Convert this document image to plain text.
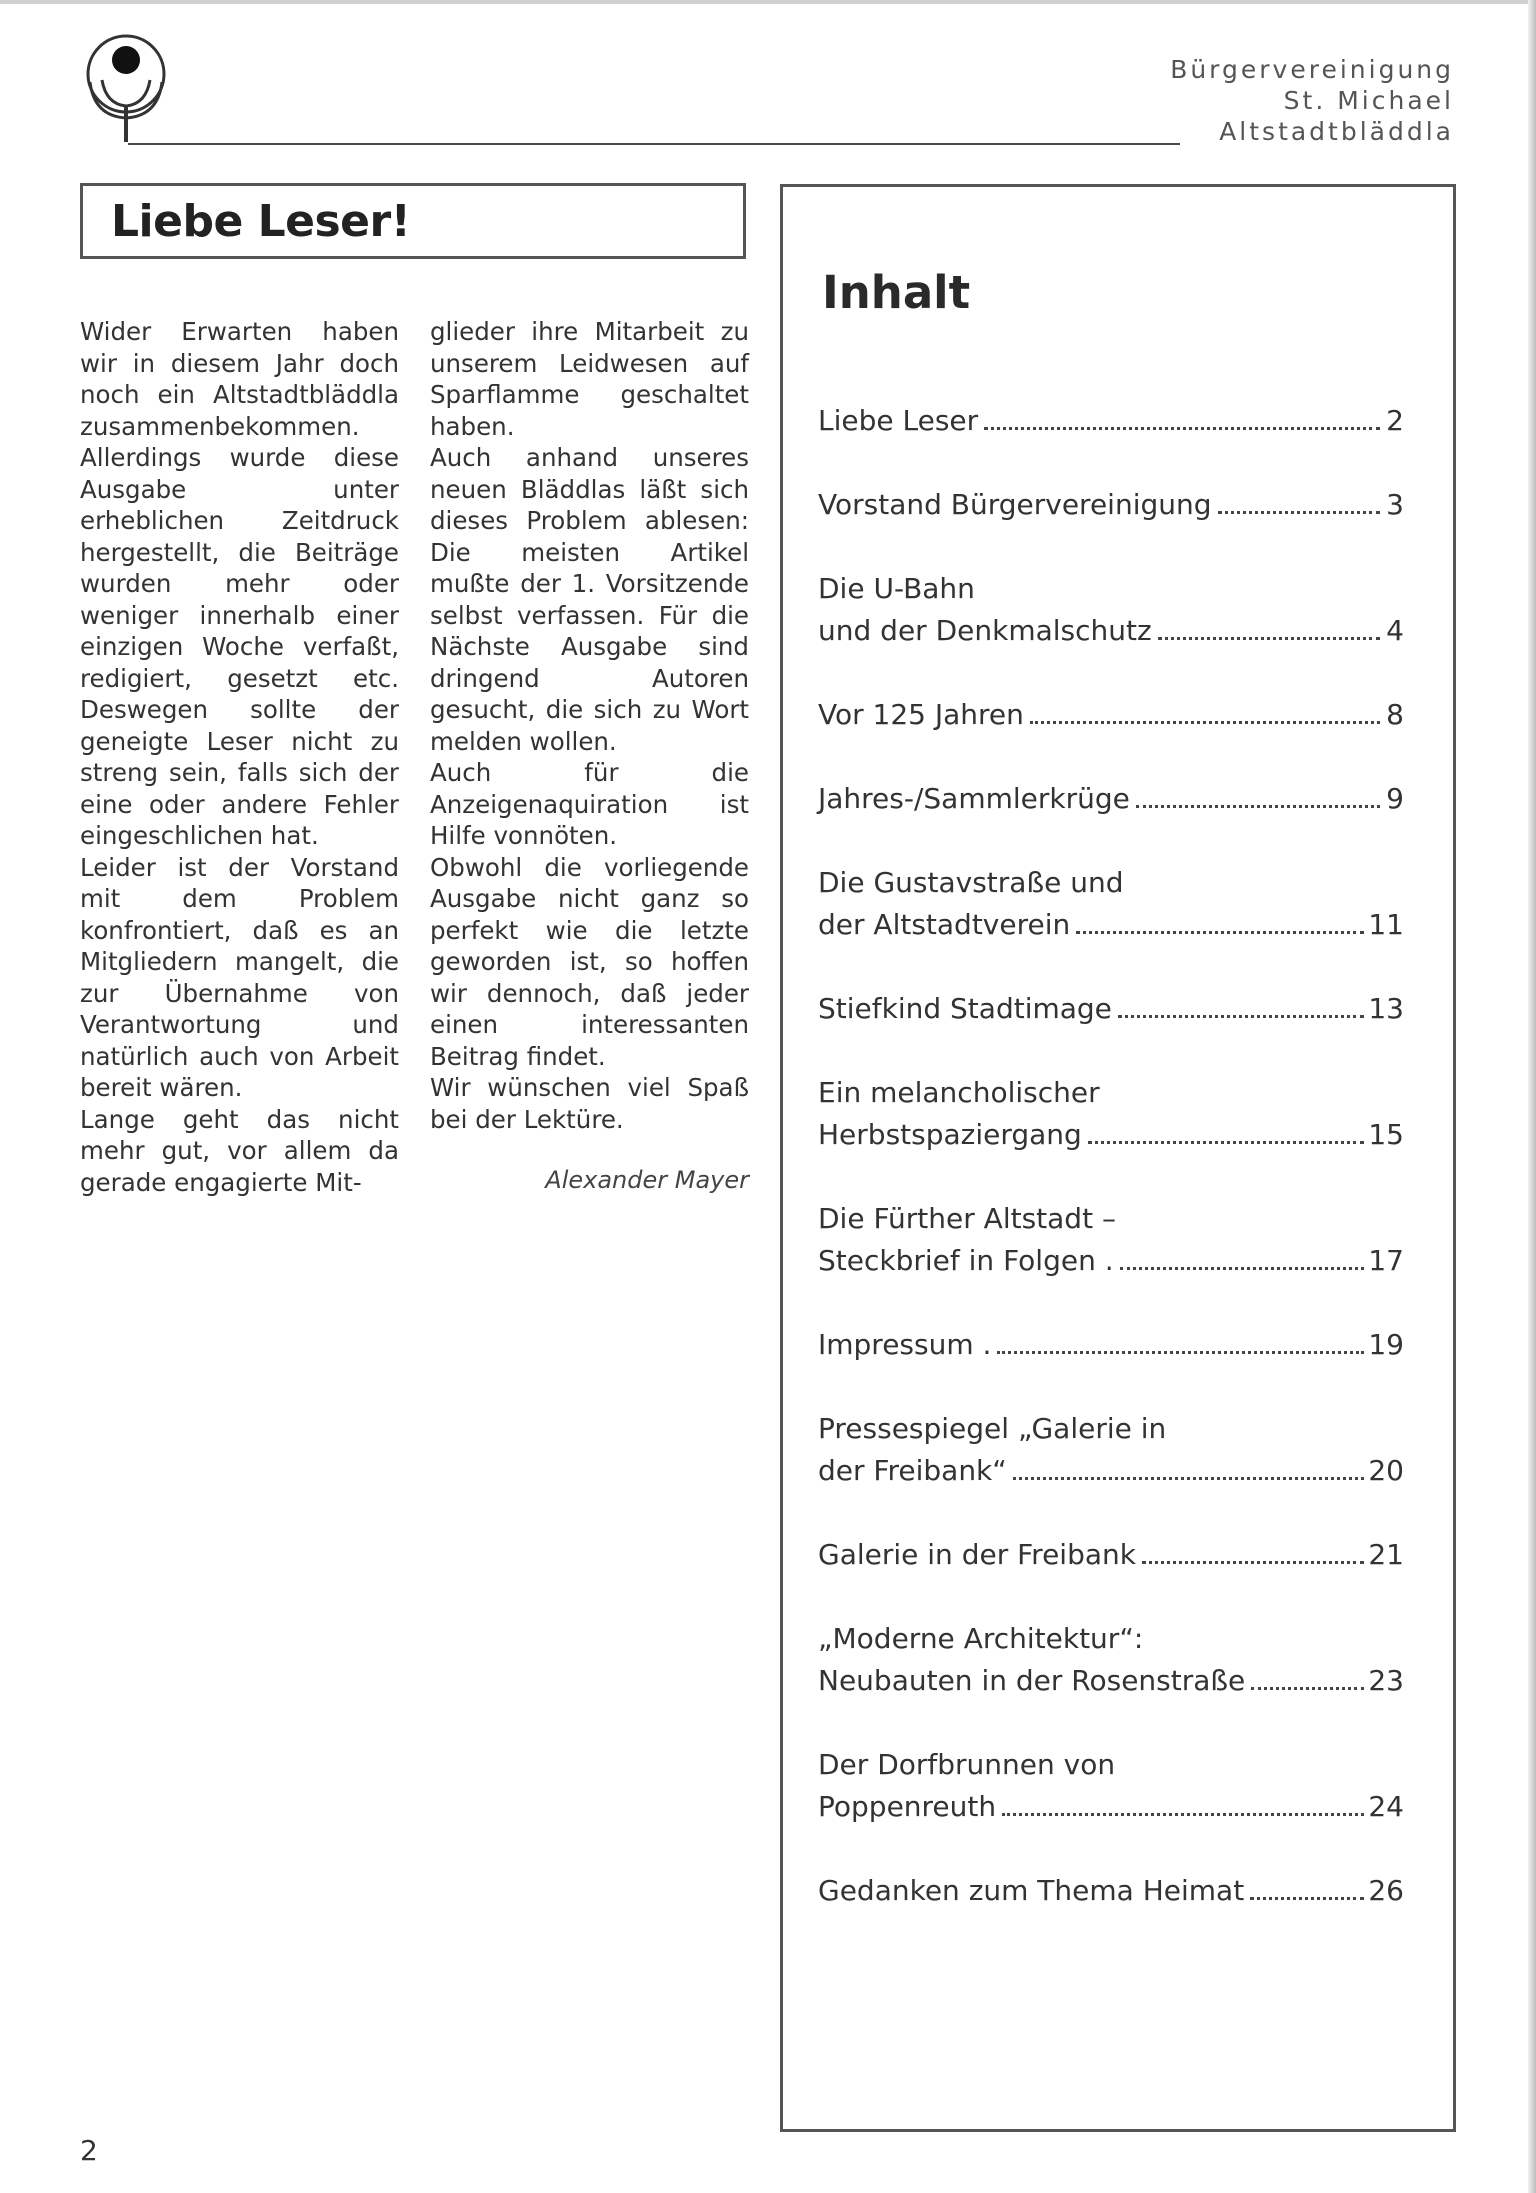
Bürgervereinigung
St. Michael
Altstadtbläddla
Liebe Leser!

Wider Erwarten haben wir in diesem Jahr doch noch ein Altstadtbläddla zusammenbekommen.

Allerdings wurde diese Ausgabe unter erheblichen Zeitdruck hergestellt, die Beiträge wurden mehr oder weniger innerhalb einer einzigen Woche verfaßt, redigiert, gesetzt etc. Deswegen sollte der geneigte Leser nicht zu streng sein, falls sich der eine oder andere Fehler eingeschlichen hat.

Leider ist der Vorstand mit dem Problem konfrontiert, daß es an Mitgliedern mangelt, die zur Übernahme von Verantwortung und natürlich auch von Arbeit bereit wären.

Lange geht das nicht mehr gut, vor allem da gerade engagierte Mit-

glieder ihre Mitarbeit zu unserem Leidwesen auf Sparflamme geschaltet haben.

Auch anhand unseres neuen Bläddlas läßt sich dieses Problem ablesen: Die meisten Artikel mußte der 1. Vorsitzende selbst verfassen. Für die Nächste Ausgabe sind dringend Autoren gesucht, die sich zu Wort melden wollen.

Auch für die Anzeigenaquiration ist Hilfe vonnöten.

Obwohl die vorliegende Ausgabe nicht ganz so perfekt wie die letzte geworden ist, so hoffen wir dennoch, daß jeder einen interessanten Beitrag findet.

Wir wünschen viel Spaß bei der Lektüre.

Alexander Mayer
Inhalt
Liebe Leser	2
Vorstand Bürgervereinigung	3
Die U-Bahn
und der Denkmalschutz	4
Vor 125 Jahren	8
Jahres-/Sammlerkrüge	9
Die Gustavstraße und
der Altstadtverein	11
Stiefkind Stadtimage	13
Ein melancholischer
Herbstspaziergang	15
Die Fürther Altstadt –
Steckbrief in Folgen .	17
Impressum .	19
Pressespiegel „Galerie in
der Freibank“	20
Galerie in der Freibank	21
„Moderne Architektur“:
Neubauten in der Rosenstraße	23
Der Dorfbrunnen von
Poppenreuth	24
Gedanken zum Thema Heimat	26
2
